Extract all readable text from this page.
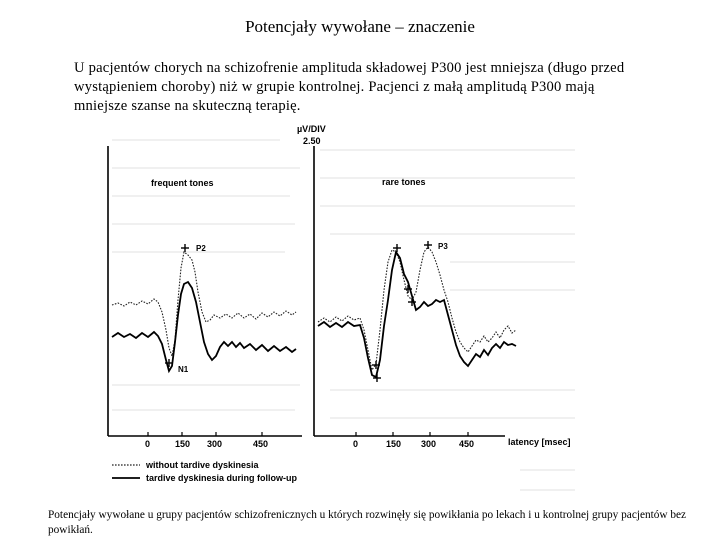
Potencjały wywołane – znaczenie
U pacjentów chorych na schizofrenie amplituda składowej P300 jest mniejsza (długo przed wystąpieniem choroby) niż w grupie kontrolnej. Pacjenci z małą amplitudą P300 mają mniejsze szanse na skuteczną terapię.
µV/DIV
2.50
0	150 300	450	0	150 300	450	latency [msec]
frequent tones	rare tones
P2
N1
P3
without tardive dyskinesia
tardive dyskinesia during follow-up
Potencjały wywołane u grupy pacjentów schizofrenicznych u których rozwinęły się powikłania po lekach i u kontrolnej grupy pacjentów bez powikłań.
